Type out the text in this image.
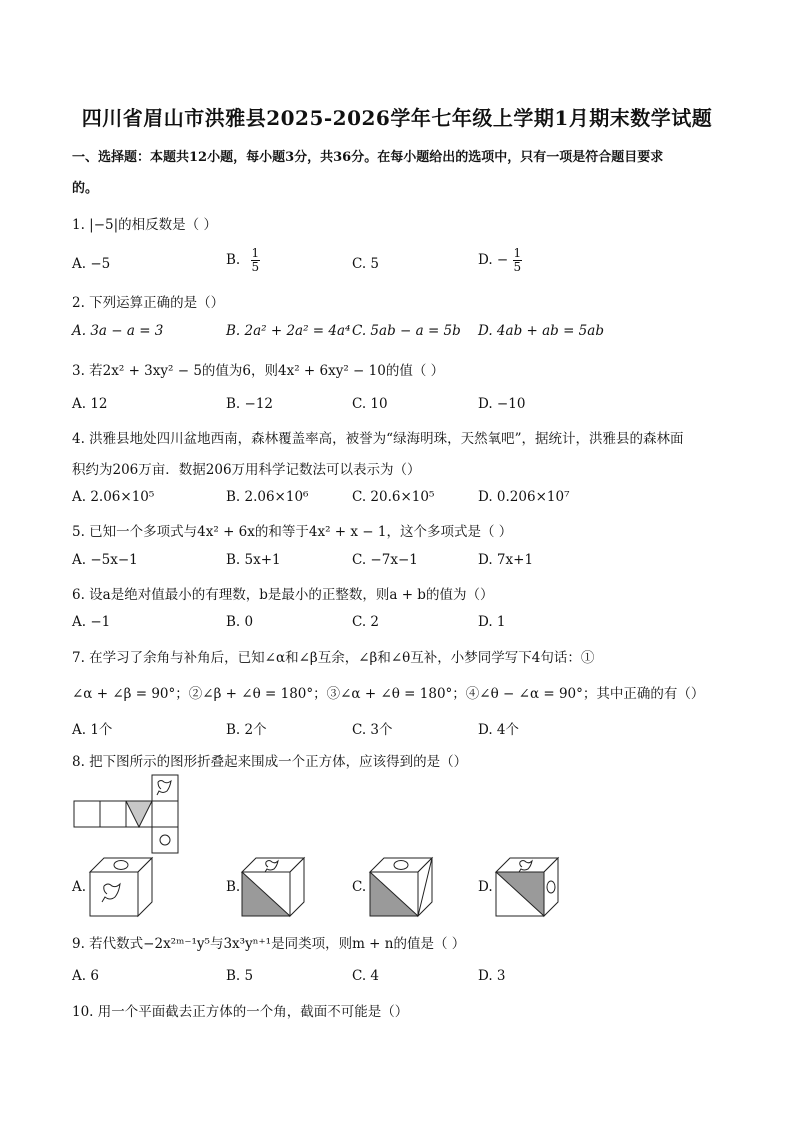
四川省眉山市洪雅县2025-2026学年七年级上学期1月期末数学试题
一、选择题：本题共12小题，每小题3分，共36分。在每小题给出的选项中，只有一项是符合题目要求
的。
1. |−5|的相反数是（ ）
A. −5	B. $\frac{1}{5}$	C. 5	D. − $\frac{1}{5}$
2. 下列运算正确的是（）
A. 3a − a = 3	B. 2a² + 2a² = 4a⁴ C. 5ab − a = 5b D. 4ab + ab = 5ab
3. 若2x² + 3xy² − 5的值为6，则4x² + 6xy² − 10的值（ ）
A. 12	B. −12	C. 10	D. −10
4. 洪雅县地处四川盆地西南，森林覆盖率高，被誉为“绿海明珠，天然氧吧”，据统计，洪雅县的森林面
积约为206万亩．数据206万用科学记数法可以表示为（）
A. 2.06×10⁵	B. 2.06×10⁶	C. 20.6×10⁵	D. 0.206×10⁷
5. 已知一个多项式与4x² + 6x的和等于4x² + x − 1，这个多项式是（ ）
A. −5x−1	B. 5x+1	C. −7x−1	D. 7x+1
6. 设a是绝对值最小的有理数，b是最小的正整数，则a + b的值为（）
A. −1	B. 0	C. 2	D. 1
7. 在学习了余角与补角后，已知∠α和∠β互余，∠β和∠θ互补，小梦同学写下4句话：①
∠α + ∠β = 90°；②∠β + ∠θ = 180°；③∠α + ∠θ = 180°；④∠θ − ∠α = 90°；其中正确的有（）
A. 1个	B. 2个	C. 3个	D. 4个
8. 把下图所示的图形折叠起来围成一个正方体，应该得到的是（）
A.	B.	C.	D.
9. 若代数式−2x²ᵐ⁻¹y⁵与3x³yⁿ⁺¹是同类项，则m + n的值是（ ）
A. 6	B. 5	C. 4	D. 3
10. 用一个平面截去正方体的一个角，截面不可能是（）
